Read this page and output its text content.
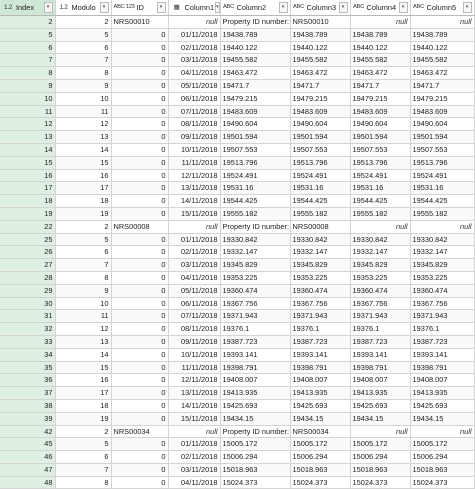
1.2 Index ▾	1.2 Modulo ▾	ABC 123 ID ▾	▦ Column1 ▾	ABC Column2 ▾	ABC Column3 ▾	ABC Column4 ▾	ABC Column5 ▾

2	2	NRS00010	null	Property ID number:	NRS00010	null	null
5	5	0	01/11/2018	19438.789	19438.789	19438.789	19438.789
6	6	0	02/11/2018	19440.122	19440.122	19440.122	19440.122
7	7	0	03/11/2018	19455.582	19455.582	19455.582	19455.582
8	8	0	04/11/2018	19463.472	19463.472	19463.472	19463.472
9	9	0	05/11/2018	19471.7	19471.7	19471.7	19471.7
10	10	0	06/11/2018	19479.215	19479.215	19479.215	19479.215
11	11	0	07/11/2018	19483.609	19483.609	19483.609	19483.609
12	12	0	08/11/2018	19490.604	19490.604	19490.604	19490.604
13	13	0	09/11/2018	19501.594	19501.594	19501.594	19501.594
14	14	0	10/11/2018	19507.553	19507.553	19507.553	19507.553
15	15	0	11/11/2018	19513.796	19513.796	19513.796	19513.796
16	16	0	12/11/2018	19524.491	19524.491	19524.491	19524.491
17	17	0	13/11/2018	19531.16	19531.16	19531.16	19531.16
18	18	0	14/11/2018	19544.425	19544.425	19544.425	19544.425
19	19	0	15/11/2018	19555.182	19555.182	19555.182	19555.182
22	2	NRS00008	null	Property ID number:	NRS00008	null	null
25	5	0	01/11/2018	19330.842	19330.842	19330.842	19330.842
26	6	0	02/11/2018	19332.147	19332.147	19332.147	19332.147
27	7	0	03/11/2018	19345.829	19345.829	19345.829	19345.829
28	8	0	04/11/2018	19353.225	19353.225	19353.225	19353.225
29	9	0	05/11/2018	19360.474	19360.474	19360.474	19360.474
30	10	0	06/11/2018	19367.756	19367.756	19367.756	19367.756
31	11	0	07/11/2018	19371.943	19371.943	19371.943	19371.943
32	12	0	08/11/2018	19376.1	19376.1	19376.1	19376.1
33	13	0	09/11/2018	19387.723	19387.723	19387.723	19387.723
34	14	0	10/11/2018	19393.141	19393.141	19393.141	19393.141
35	15	0	11/11/2018	19398.791	19398.791	19398.791	19398.791
36	16	0	12/11/2018	19408.007	19408.007	19408.007	19408.007
37	17	0	13/11/2018	19413.935	19413.935	19413.935	19413.935
38	18	0	14/11/2018	19425.693	19425.693	19425.693	19425.693
39	19	0	15/11/2018	19434.15	19434.15	19434.15	19434.15
42	2	NRS00034	null	Property ID number:	NRS00034	null	null
45	5	0	01/11/2018	15005.172	15005.172	15005.172	15005.172
46	6	0	02/11/2018	15006.294	15006.294	15006.294	15006.294
47	7	0	03/11/2018	15018.963	15018.963	15018.963	15018.963
48	8	0	04/11/2018	15024.373	15024.373	15024.373	15024.373
